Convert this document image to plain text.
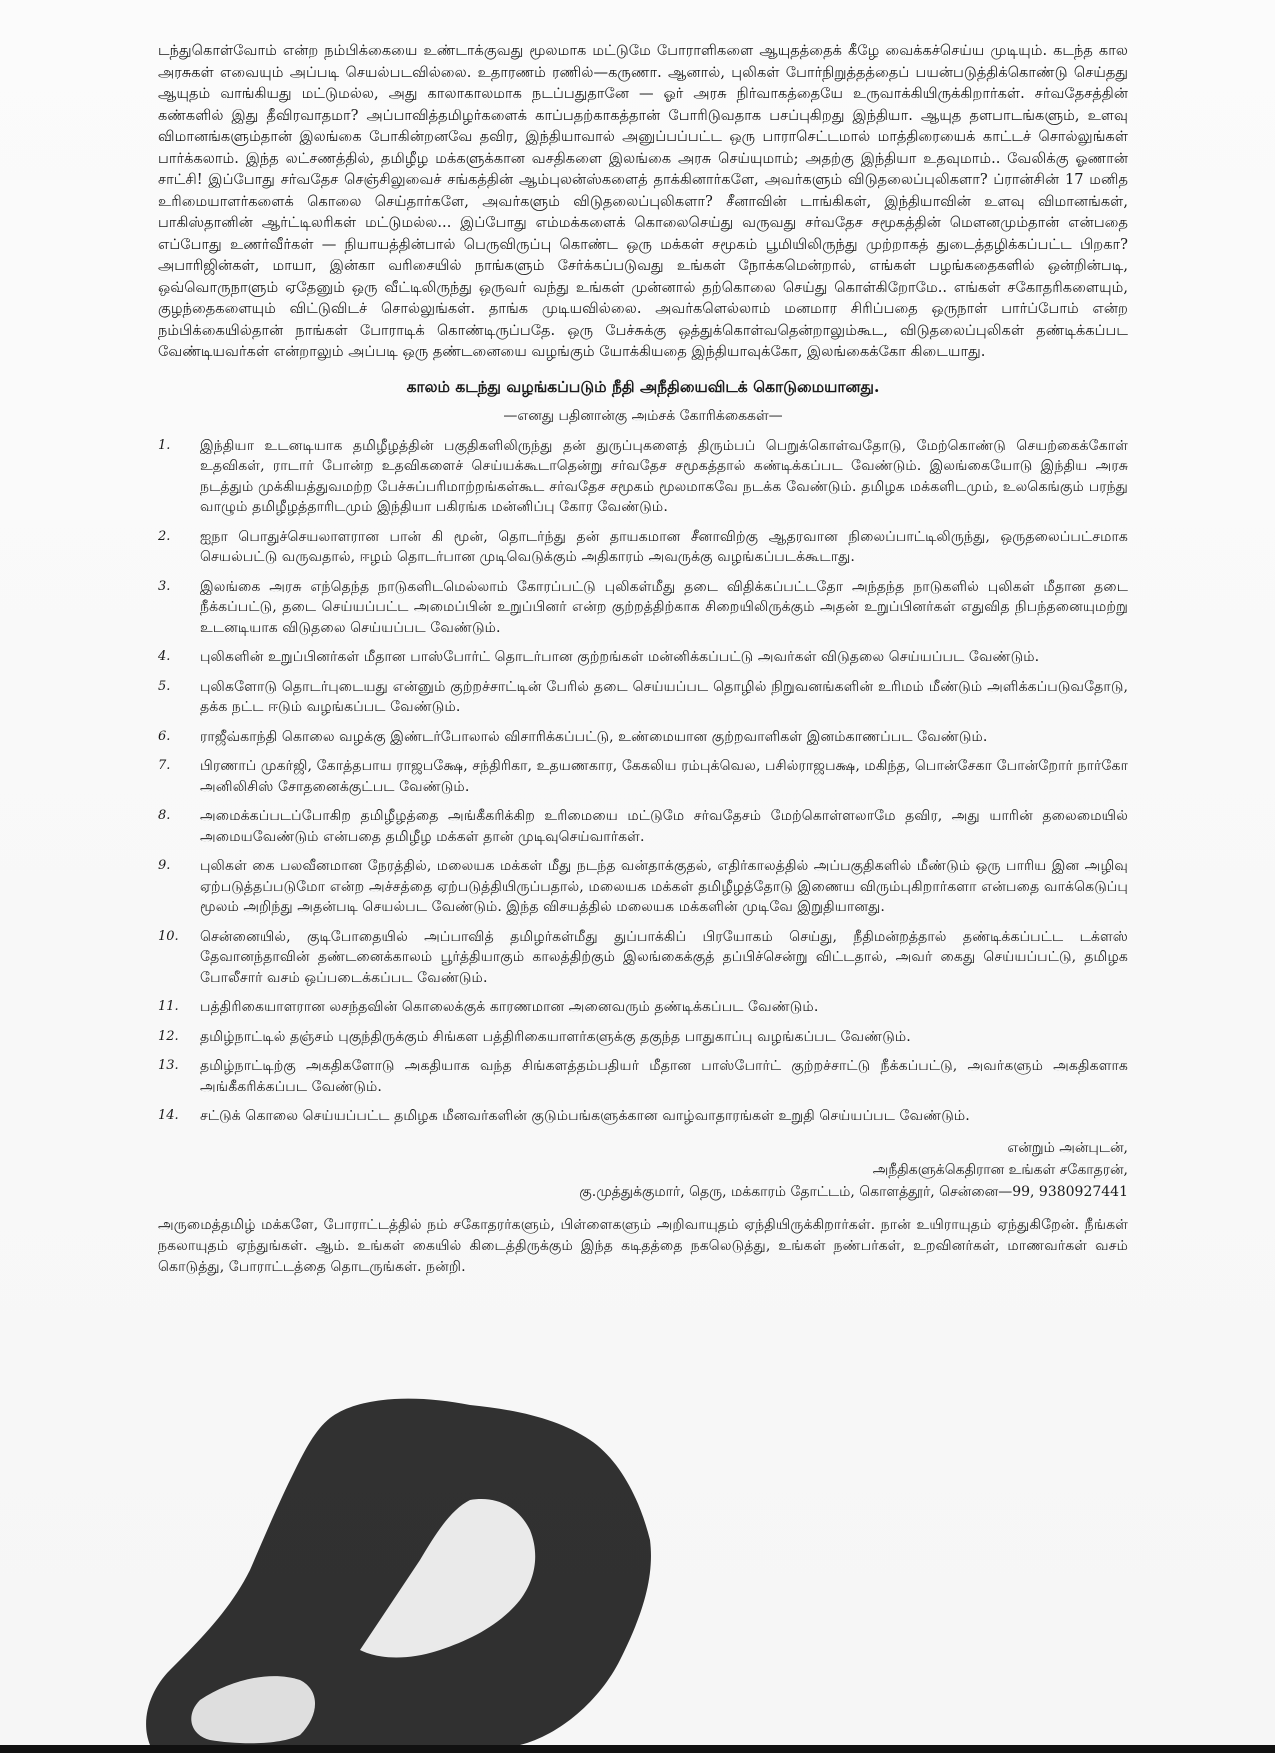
டந்துகொள்வோம் என்ற நம்பிக்கையை உண்டாக்குவது மூலமாக மட்டுமே போராளிகளை ஆயுதத்தைக் கீழே வைக்கச்செய்ய முடியும். கடந்த கால அரசுகள் எவையும் அப்படி செயல்படவில்லை. உதாரணம் ரணில்—கருணா. ஆனால், புலிகள் போர்நிறுத்தத்தைப் பயன்படுத்திக்கொண்டு செய்தது ஆயுதம் வாங்கியது மட்டுமல்ல, அது காலாகாலமாக நடப்பதுதானே — ஓர் அரசு நிர்வாகத்தையே உருவாக்கியிருக்கிறார்கள். சர்வதேசத்தின் கண்களில் இது தீவிரவாதமா? அப்பாவித்தமிழர்களைக் காப்பதற்காகத்தான் போரிடுவதாக பசப்புகிறது இந்தியா. ஆயுத தளபாடங்களும், உளவு விமானங்களும்தான் இலங்கை போகின்றனவே தவிர, இந்தியாவால் அனுப்பப்பட்ட ஒரு பாராசெட்டமால் மாத்திரையைக் காட்டச் சொல்லுங்கள் பார்க்கலாம். இந்த லட்சணத்தில், தமிழீழ மக்களுக்கான வசதிகளை இலங்கை அரசு செய்யுமாம்; அதற்கு இந்தியா உதவுமாம்.. வேலிக்கு ஓணான் சாட்சி! இப்போது சர்வதேச செஞ்சிலுவைச் சங்கத்தின் ஆம்புலன்ஸ்களைத் தாக்கினார்களே, அவர்களும் விடுதலைப்புலிகளா? ப்ரான்சின் 17 மனித உரிமையாளர்களைக் கொலை செய்தார்களே, அவர்களும் விடுதலைப்புலிகளா? சீனாவின் டாங்கிகள், இந்தியாவின் உளவு விமானங்கள், பாகிஸ்தானின் ஆர்ட்டிலரிகள் மட்டுமல்ல... இப்போது எம்மக்களைக் கொலைசெய்து வருவது சர்வதேச சமூகத்தின் மௌனமும்தான் என்பதை எப்போது உணர்வீர்கள் — நியாயத்தின்பால் பெருவிருப்பு கொண்ட ஒரு மக்கள் சமூகம் பூமியிலிருந்து முற்றாகத் துடைத்தழிக்கப்பட்ட பிறகா? அபாரிஜின்கள், மாயா, இன்கா வரிசையில் நாங்களும் சேர்க்கப்படுவது உங்கள் நோக்கமென்றால், எங்கள் பழங்கதைகளில் ஒன்றின்படி, ஒவ்வொருநாளும் ஏதேனும் ஒரு வீட்டிலிருந்து ஒருவர் வந்து உங்கள் முன்னால் தற்கொலை செய்து கொள்கிறோமே.. எங்கள் சகோதரிகளையும், குழந்தைகளையும் விட்டுவிடச் சொல்லுங்கள். தாங்க முடியவில்லை. அவர்களெல்லாம் மனமார சிரிப்பதை ஒருநாள் பார்ப்போம் என்ற நம்பிக்கையில்தான் நாங்கள் போராடிக் கொண்டிருப்பதே. ஒரு பேச்சுக்கு ஒத்துக்கொள்வதென்றாலும்கூட, விடுதலைப்புலிகள் தண்டிக்கப்பட வேண்டியவர்கள் என்றாலும் அப்படி ஒரு தண்டனையை வழங்கும் யோக்கியதை இந்தியாவுக்கோ, இலங்கைக்கோ கிடையாது.

காலம் கடந்து வழங்கப்படும் நீதி அநீதியைவிடக் கொடுமையானது.
—எனது பதினான்கு அம்சக் கோரிக்கைகள்—
1.	இந்தியா உடனடியாக தமிழீழத்தின் பகுதிகளிலிருந்து தன் துருப்புகளைத் திரும்பப் பெறுக்கொள்வதோடு, மேற்கொண்டு செயற்கைக்கோள் உதவிகள், ராடார் போன்ற உதவிகளைச் செய்யக்கூடாதென்று சர்வதேச சமூகத்தால் கண்டிக்கப்பட வேண்டும். இலங்கையோடு இந்திய அரசு நடத்தும் முக்கியத்துவமற்ற பேச்சுப்பரிமாற்றங்கள்கூட சர்வதேச சமூகம் மூலமாகவே நடக்க வேண்டும். தமிழக மக்களிடமும், உலகெங்கும் பரந்து வாழும் தமிழீழத்தாரிடமும் இந்தியா பகிரங்க மன்னிப்பு கோர வேண்டும்.
2.	ஐநா பொதுச்செயலாளரான பான் கி மூன், தொடர்ந்து தன் தாயகமான சீனாவிற்கு ஆதரவான நிலைப்பாட்டிலிருந்து, ஒருதலைப்பட்சமாக செயல்பட்டு வருவதால், ஈழம் தொடர்பான முடிவெடுக்கும் அதிகாரம் அவருக்கு வழங்கப்படக்கூடாது.
3.	இலங்கை அரசு எந்தெந்த நாடுகளிடமெல்லாம் கோரப்பட்டு புலிகள்மீது தடை விதிக்கப்பட்டதோ அந்தந்த நாடுகளில் புலிகள் மீதான தடை நீக்கப்பட்டு, தடை செய்யப்பட்ட அமைப்பின் உறுப்பினர் என்ற குற்றத்திற்காக சிறையிலிருக்கும் அதன் உறுப்பினர்கள் எதுவித நிபந்தனையுமற்று உடனடியாக விடுதலை செய்யப்பட வேண்டும்.
4.	புலிகளின் உறுப்பினர்கள் மீதான பாஸ்போர்ட் தொடர்பான குற்றங்கள் மன்னிக்கப்பட்டு அவர்கள் விடுதலை செய்யப்பட வேண்டும்.
5.	புலிகளோடு தொடர்புடையது என்னும் குற்றச்சாட்டின் பேரில் தடை செய்யப்பட தொழில் நிறுவனங்களின் உரிமம் மீண்டும் அளிக்கப்படுவதோடு, தக்க நட்ட ஈடும் வழங்கப்பட வேண்டும்.
6.	ராஜீவ்காந்தி கொலை வழக்கு இண்டர்போலால் விசாரிக்கப்பட்டு, உண்மையான குற்றவாளிகள் இனம்காணப்பட வேண்டும்.
7.	பிரணாப் முகர்ஜி, கோத்தபாய ராஜபக்ஷே, சந்திரிகா, உதயணகார, கேகலிய ரம்புக்வெல, பசில்ராஜபக்ஷ, மகிந்த, பொன்சேகா போன்றோர் நார்கோ அனிலிசிஸ் சோதனைக்குட்பட வேண்டும்.
8.	அமைக்கப்படப்போகிற தமிழீழத்தை அங்கீகரிக்கிற உரிமையை மட்டுமே சர்வதேசம் மேற்கொள்ளலாமே தவிர, அது யாரின் தலைமையில் அமையவேண்டும் என்பதை தமிழீழ மக்கள் தான் முடிவுசெய்வார்கள்.
9.	புலிகள் கை பலவீனமான நேரத்தில், மலையக மக்கள் மீது நடந்த வன்தாக்குதல், எதிர்காலத்தில் அப்பகுதிகளில் மீண்டும் ஒரு பாரிய இன அழிவு ஏற்படுத்தப்படுமோ என்ற அச்சத்தை ஏற்படுத்தியிருப்பதால், மலையக மக்கள் தமிழீழத்தோடு இணைய விரும்புகிறார்களா என்பதை வாக்கெடுப்பு மூலம் அறிந்து அதன்படி செயல்பட வேண்டும். இந்த விசயத்தில் மலையக மக்களின் முடிவே இறுதியானது.
10.	சென்னையில், குடிபோதையில் அப்பாவித் தமிழர்கள்மீது துப்பாக்கிப் பிரயோகம் செய்து, நீதிமன்றத்தால் தண்டிக்கப்பட்ட டக்ளஸ் தேவானந்தாவின் தண்டனைக்காலம் பூர்த்தியாகும் காலத்திற்கும் இலங்கைக்குத் தப்பிச்சென்று விட்டதால், அவர் கைது செய்யப்பட்டு, தமிழக போலீசார் வசம் ஒப்படைக்கப்பட வேண்டும்.
11.	பத்திரிகையாளரான லசந்தவின் கொலைக்குக் காரணமான அனைவரும் தண்டிக்கப்பட வேண்டும்.
12.	தமிழ்நாட்டில் தஞ்சம் புகுந்திருக்கும் சிங்கள பத்திரிகையாளர்களுக்கு தகுந்த பாதுகாப்பு வழங்கப்பட வேண்டும்.
13.	தமிழ்நாட்டிற்கு அகதிகளோடு அகதியாக வந்த சிங்களத்தம்பதியர் மீதான பாஸ்போர்ட் குற்றச்சாட்டு நீக்கப்பட்டு, அவர்களும் அகதிகளாக அங்கீகரிக்கப்பட வேண்டும்.
14.	சட்டுக் கொலை செய்யப்பட்ட தமிழக மீனவர்களின் குடும்பங்களுக்கான வாழ்வாதாரங்கள் உறுதி செய்யப்பட வேண்டும்.
என்றும் அன்புடன்,
அநீதிகளுக்கெதிரான உங்கள் சகோதரன்,
கு.முத்துக்குமார், தெரு, மக்காரம் தோட்டம், கொளத்தூர், சென்னை—99, 9380927441

அருமைத்தமிழ் மக்களே, போராட்டத்தில் நம் சகோதரர்களும், பிள்ளைகளும் அறிவாயுதம் ஏந்தியிருக்கிறார்கள். நான் உயிராயுதம் ஏந்துகிறேன். நீங்கள் நகலாயுதம் ஏந்துங்கள். ஆம். உங்கள் கையில் கிடைத்திருக்கும் இந்த கடிதத்தை நகலெடுத்து, உங்கள் நண்பர்கள், உறவினர்கள், மாணவர்கள் வசம் கொடுத்து, போராட்டத்தை தொடருங்கள். நன்றி.
